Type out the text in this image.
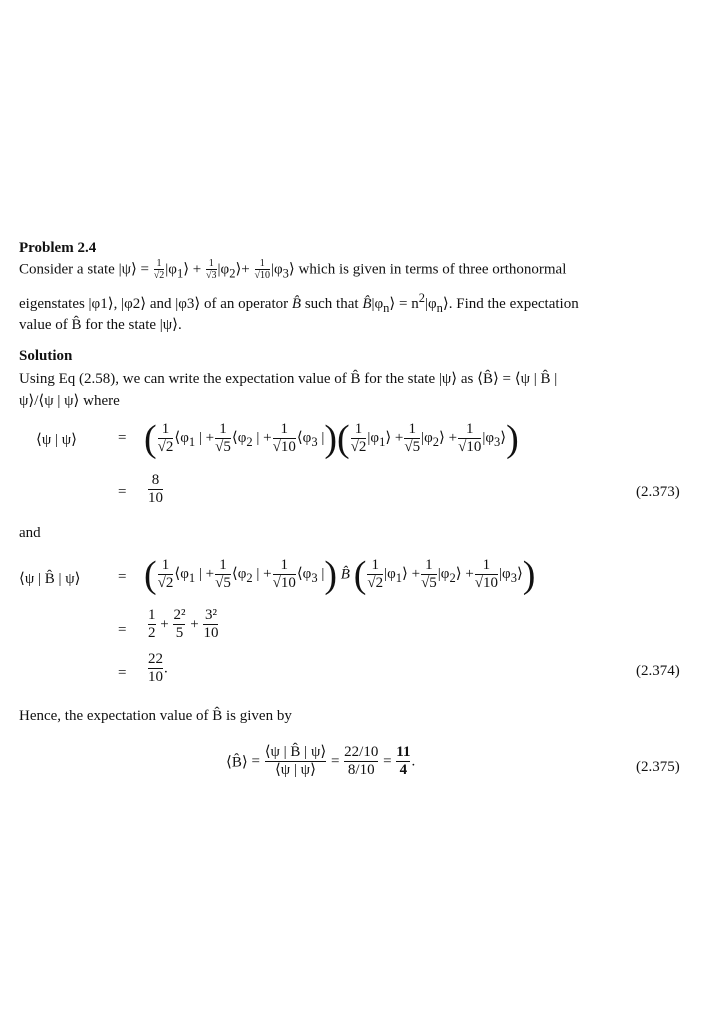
Problem 2.4
Consider a state |ψ⟩ = $\frac{1}{√2}$ $|\varphi_1⟩ + \frac{1}{√3}$ $|\varphi_2⟩+ \frac{1}{√10}$ $|\varphi_3⟩$ which is given in terms of three orthonormal
eigenstates |φ1⟩, |φ2⟩ and |φ3⟩ of an operator B̂ such that $B̂|\varphi_n⟩$ = $n^2|\varphi_n⟩$. Find the expectation
value of B̂ for the state |ψ⟩.
Solution
Using Eq (2.58), we can write the expectation value of B̂ for the state |ψ⟩ as ⟨B̂⟩ = ⟨ψ | B̂ |
ψ⟩/⟨ψ | ψ⟩ where
⟨ψ | ψ⟩	= ( $\frac{1}{√2}$ $⟨\varphi_1$ | + $\frac{1}{√5}$ $⟨\varphi_2$ | + $\frac{1}{√10}$ $⟨\varphi_3$ |)( $\frac{1}{√2}$ $|\varphi_1⟩ + \frac{1}{√5}$ $|\varphi_2⟩ + \frac{1}{√10}$ $|\varphi_3⟩$)
= $\frac{8}{10}$	(2.373)
and
⟨ψ | B̂ | ψ⟩	= ( $\frac{1}{√2}$ $⟨\varphi_1$ | + $\frac{1}{√5}$ $⟨\varphi_2$ | + $\frac{1}{√10}$ $⟨\varphi_3$ |) B̂ ( $\frac{1}{√2}$ $|\varphi_1⟩ + \frac{1}{√5}$ $|\varphi_2⟩ + \frac{1}{√10}$ $|\varphi_3⟩$)
= $\frac{1}{2} + \frac{\text{2²}}{5} + \frac{\text{3²}}{10}$
= $\frac{22}{10}$ .	(2.374)
Hence, the expectation value of B̂ is given by
⟨B̂⟩ = $\frac{⟨\psi | B̂ | \psi⟩}{⟨\psi | \psi⟩} = \frac{22/10}{8/10} = \frac{11}{4}$ .	(2.375)
